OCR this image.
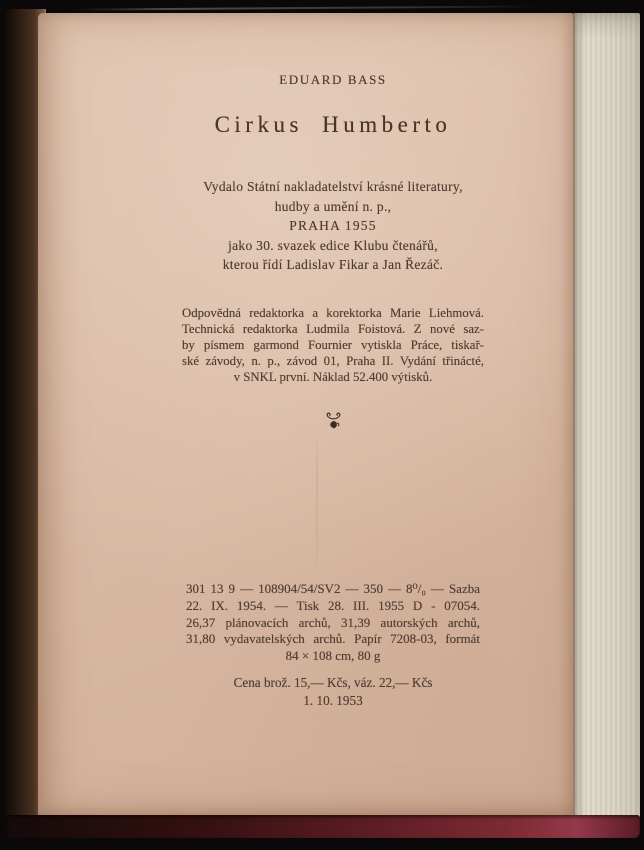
EDUARD BASS
Cirkus Humberto
Vydalo Státní nakladatelství krásné literatury,
hudby a umění n. p.,
PRAHA 1955
jako 30. svazek edice Klubu čtenářů,
kterou řídí Ladislav Fikar a Jan Řezáč.
Odpovědná redaktorka a korektorka Marie Liehmová.
Technická redaktorka Ludmila Foistová. Z nové saz-
by písmem garmond Fournier vytiskla Práce, tiskař-
ské závody, n. p., závod 01, Praha II. Vydání třinácté,
v SNKL první. Náklad 52.400 výtisků.
301 13 9 — 108904/54/SV2 — 350 — 8⁰/₀ — Sazba
22. IX. 1954. — Tisk 28. III. 1955 D - 07054.
26,37 plánovacích archů, 31,39 autorských archů,
31,80 vydavatelských archů. Papír 7208-03, formát
84 × 108 cm, 80 g
Cena brož. 15,— Kčs, váz. 22,— Kčs
1. 10. 1953
